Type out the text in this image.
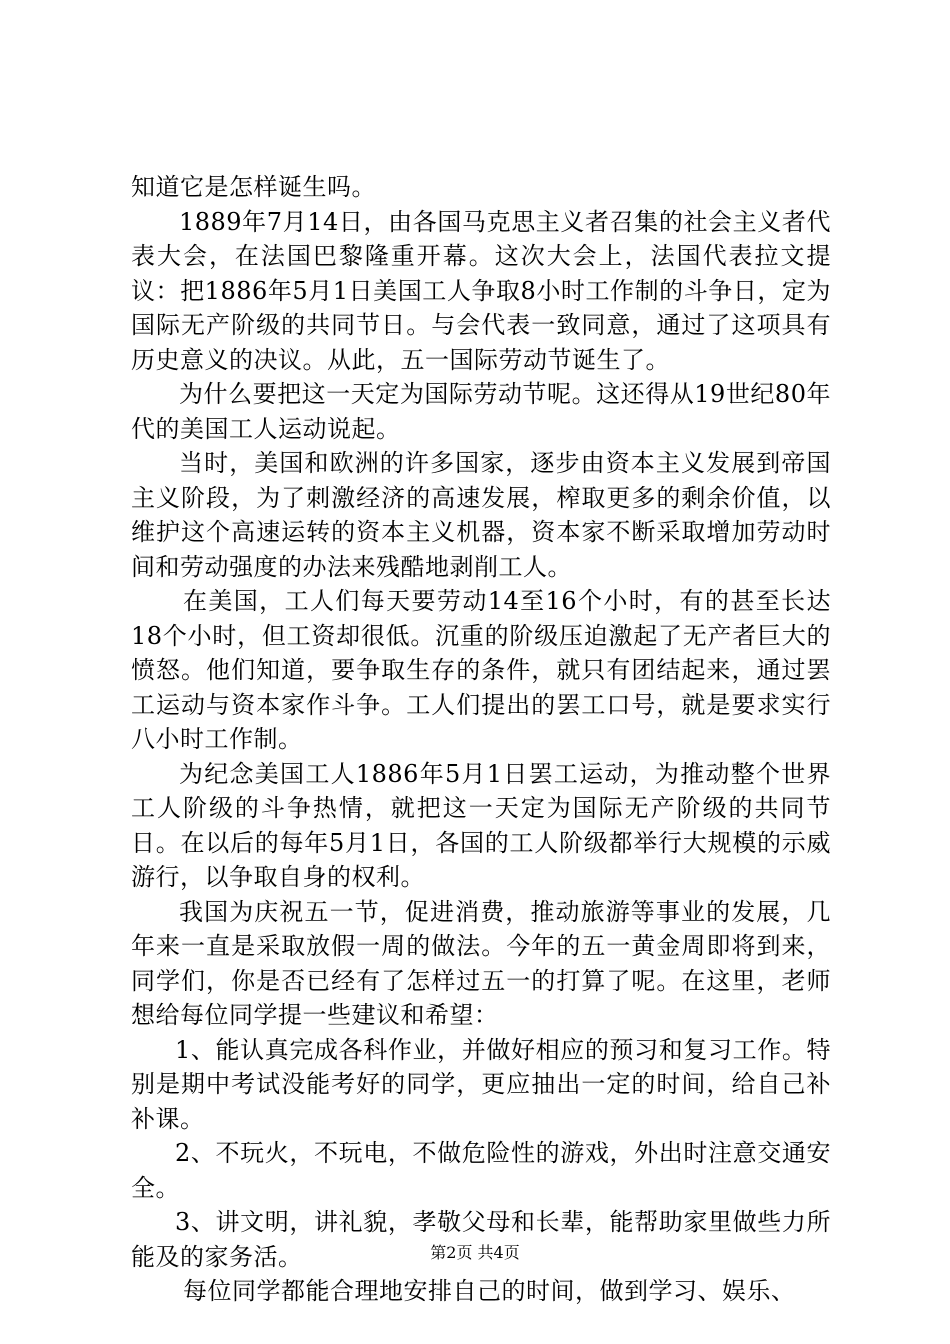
知道它是怎样诞生吗。

1889年7月14日，由各国马克思主义者召集的社会主义者代表大会，在法国巴黎隆重开幕。这次大会上，法国代表拉文提议：把1886年5月1日美国工人争取8小时工作制的斗争日，定为国际无产阶级的共同节日。与会代表一致同意，通过了这项具有历史意义的决议。从此，五一国际劳动节诞生了。

为什么要把这一天定为国际劳动节呢。这还得从19世纪80年代的美国工人运动说起。

当时，美国和欧洲的许多国家，逐步由资本主义发展到帝国主义阶段，为了刺激经济的高速发展，榨取更多的剩余价值，以维护这个高速运转的资本主义机器，资本家不断采取增加劳动时间和劳动强度的办法来残酷地剥削工人。

在美国，工人们每天要劳动14至16个小时，有的甚至长达18个小时，但工资却很低。沉重的阶级压迫激起了无产者巨大的愤怒。他们知道，要争取生存的条件，就只有团结起来，通过罢工运动与资本家作斗争。工人们提出的罢工口号，就是要求实行八小时工作制。

为纪念美国工人1886年5月1日罢工运动，为推动整个世界工人阶级的斗争热情，就把这一天定为国际无产阶级的共同节日。在以后的每年5月1日，各国的工人阶级都举行大规模的示威游行，以争取自身的权利。

我国为庆祝五一节，促进消费，推动旅游等事业的发展，几年来一直是采取放假一周的做法。今年的五一黄金周即将到来，同学们，你是否已经有了怎样过五一的打算了呢。在这里，老师想给每位同学提一些建议和希望：

1、能认真完成各科作业，并做好相应的预习和复习工作。特别是期中考试没能考好的同学，更应抽出一定的时间，给自己补补课。

2、不玩火，不玩电，不做危险性的游戏，外出时注意交通安全。

3、讲文明，讲礼貌，孝敬父母和长辈，能帮助家里做些力所能及的家务活。

每位同学都能合理地安排自己的时间，做到学习、娱乐、

第2页 共4页
